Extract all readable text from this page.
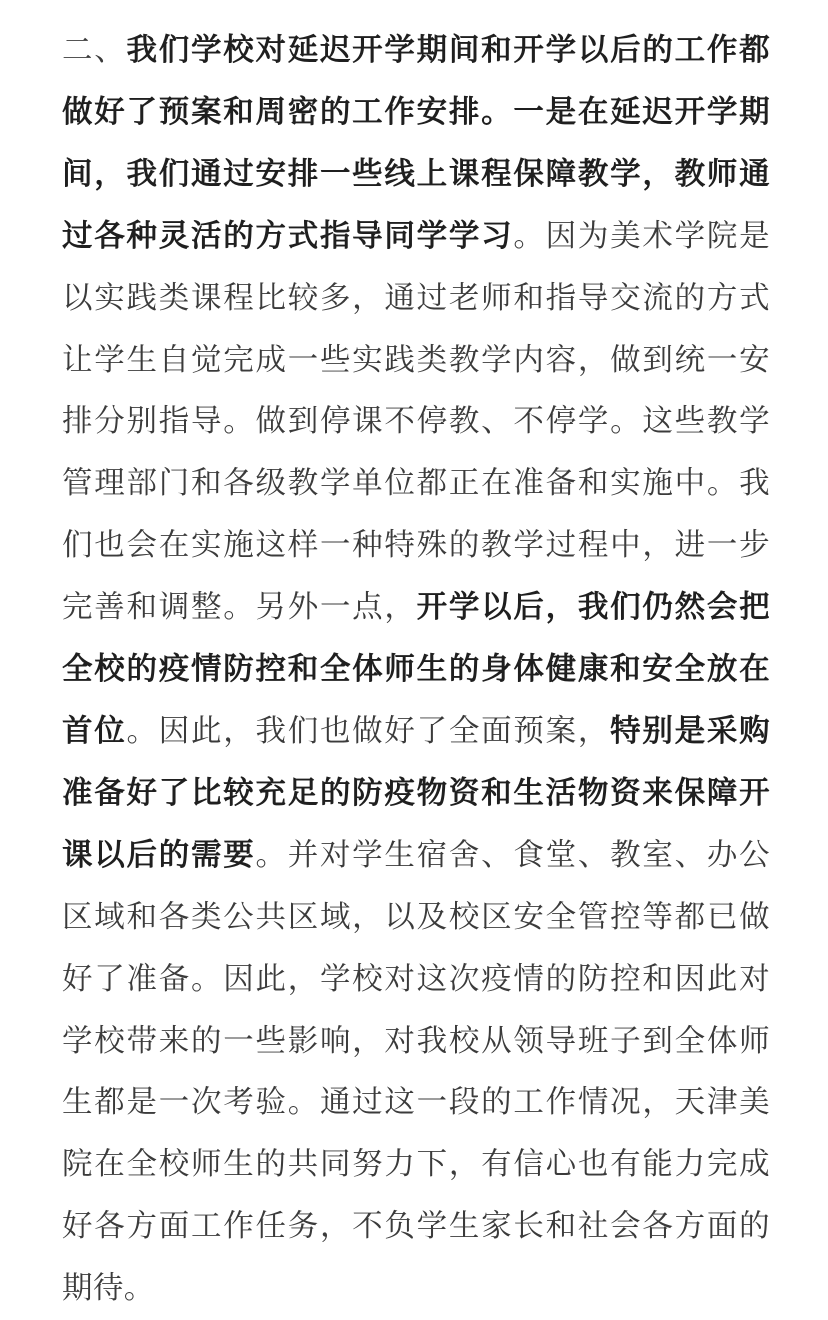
二、我们学校对延迟开学期间和开学以后的工作都做好了预案和周密的工作安排。一是在延迟开学期间，我们通过安排一些线上课程保障教学，教师通过各种灵活的方式指导同学学习。因为美术学院是以实践类课程比较多，通过老师和指导交流的方式让学生自觉完成一些实践类教学内容，做到统一安排分别指导。做到停课不停教、不停学。这些教学管理部门和各级教学单位都正在准备和实施中。我们也会在实施这样一种特殊的教学过程中，进一步完善和调整。另外一点，开学以后，我们仍然会把全校的疫情防控和全体师生的身体健康和安全放在首位。因此，我们也做好了全面预案，特别是采购准备好了比较充足的防疫物资和生活物资来保障开课以后的需要。并对学生宿舍、食堂、教室、办公区域和各类公共区域，以及校区安全管控等都已做好了准备。因此，学校对这次疫情的防控和因此对学校带来的一些影响，对我校从领导班子到全体师生都是一次考验。通过这一段的工作情况，天津美院在全校师生的共同努力下，有信心也有能力完成好各方面工作任务，不负学生家长和社会各方面的期待。
